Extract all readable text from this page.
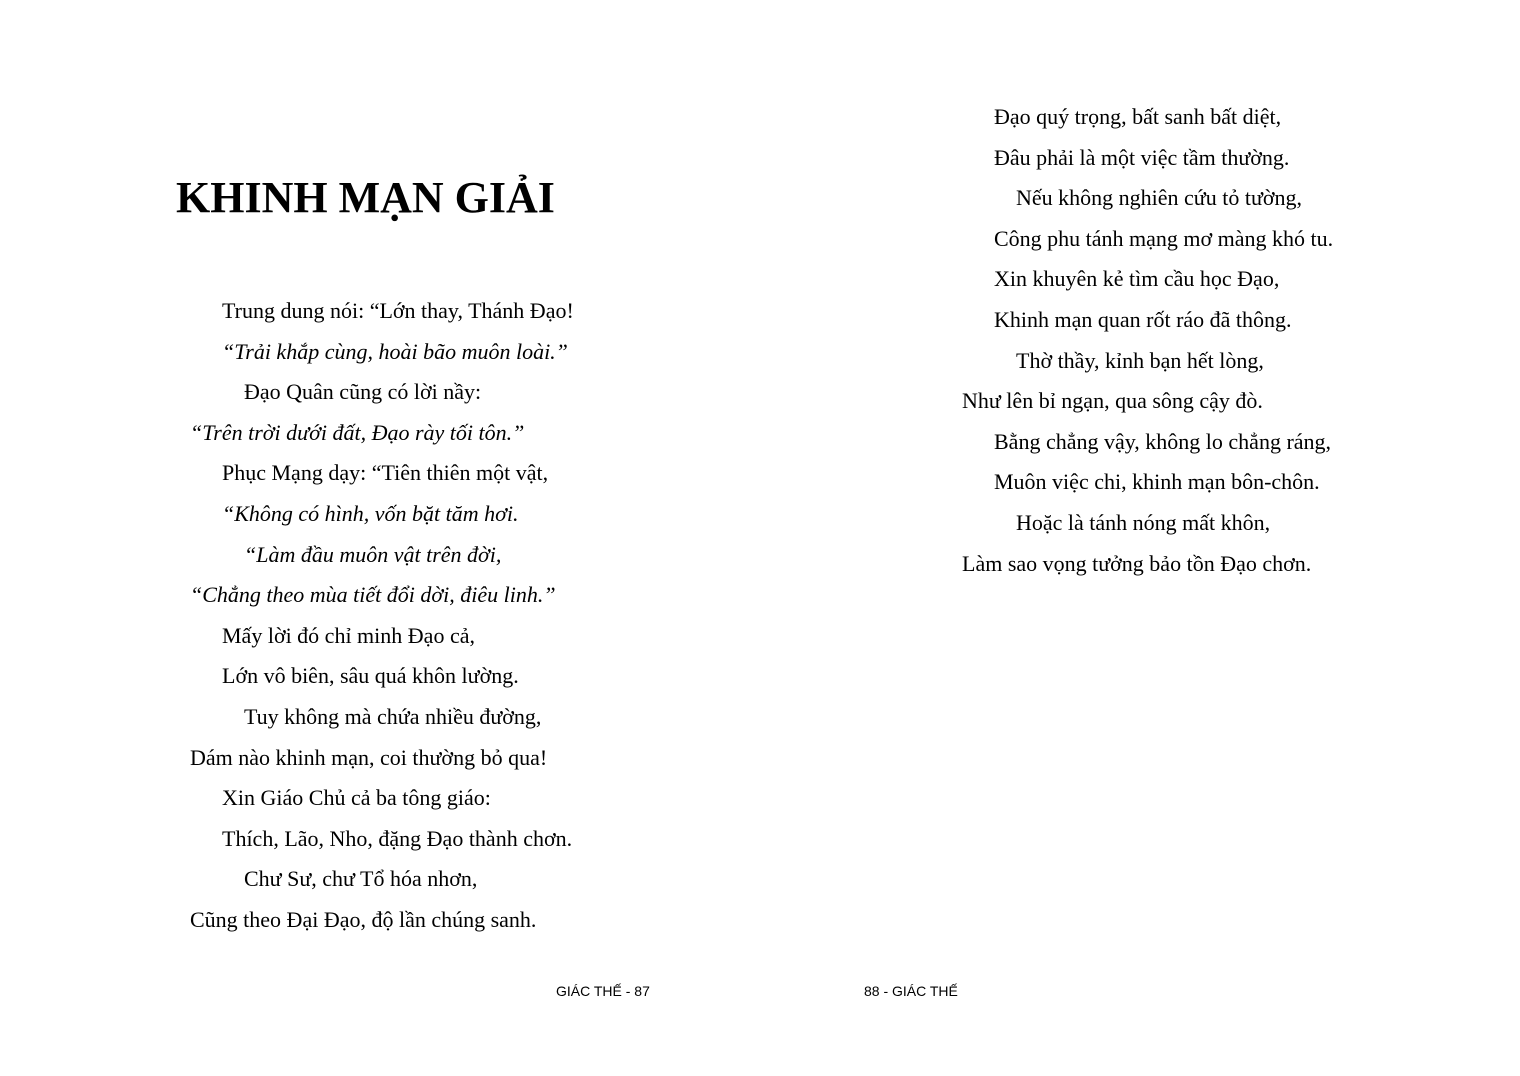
KHINH MẠN GIẢI
Trung dung nói: “Lớn thay, Thánh Đạo!
“Trải khắp cùng, hoài bão muôn loài.”
Đạo Quân cũng có lời nầy:
“Trên trời dưới đất, Đạo rày tối tôn.”
Phục Mạng dạy: “Tiên thiên một vật,
“Không có hình, vốn bặt tăm hơi.
“Làm đầu muôn vật trên đời,
“Chẳng theo mùa tiết đổi dời, điêu linh.”
Mấy lời đó chỉ minh Đạo cả,
Lớn vô biên, sâu quá khôn lường.
Tuy không mà chứa nhiều đường,
Dám nào khinh mạn, coi thường bỏ qua!
Xin Giáo Chủ cả ba tông giáo:
Thích, Lão, Nho, đặng Đạo thành chơn.
Chư Sư, chư Tổ hóa nhơn,
Cũng theo Đại Đạo, độ lần chúng sanh.
GIÁC THẾ - 87
Đạo quý trọng, bất sanh bất diệt,
Đâu phải là một việc tầm thường.
Nếu không nghiên cứu tỏ tường,
Công phu tánh mạng mơ màng khó tu.
Xin khuyên kẻ tìm cầu học Đạo,
Khinh mạn quan rốt ráo đã thông.
Thờ thầy, kỉnh bạn hết lòng,
Như lên bỉ ngạn, qua sông cậy đò.
Bằng chẳng vậy, không lo chẳng ráng,
Muôn việc chi, khinh mạn bôn-chôn.
Hoặc là tánh nóng mất khôn,
Làm sao vọng tưởng bảo tồn Đạo chơn.
88 - GIÁC THẾ
